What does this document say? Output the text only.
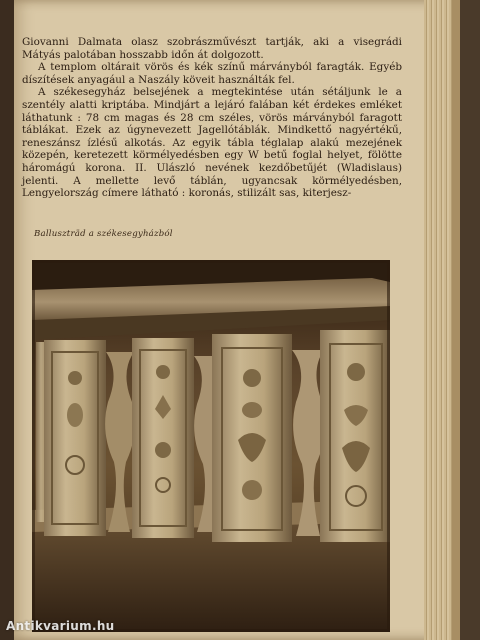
Giovanni Dalmata olasz szobrászművészt tartják, aki a visegrádi Mátyás palotában hosszabb időn át dolgozott.

A templom oltárait vörös és kék színű márványból faragták. Egyéb díszítések anyagául a Naszály köveit használták fel.

A székesegyház belsejének a megtekintése után sétáljunk le a szentély alatti kriptába. Mindjárt a lejáró falában két érdekes emléket láthatunk : 78 cm magas és 28 cm széles, vörös márványból faragott táblákat. Ezek az úgynevezett Jagellótáblák. Mindkettő nagyértékű, reneszánsz ízlésű alkotás. Az egyik tábla téglalap alakú mezejének közepén, keretezett körmélyedésben egy W betű foglal helyet, fölötte háromágú korona. II. Ulászló nevének kezdőbetűjét (Wladislaus) jelenti. A mellette levő táblán, ugyancsak körmélyedésben, Lengyelország címere látható : koronás, stilizált sas, kiterjesz-

Balluszträd a székesegyházból
Antikvarium.hu
